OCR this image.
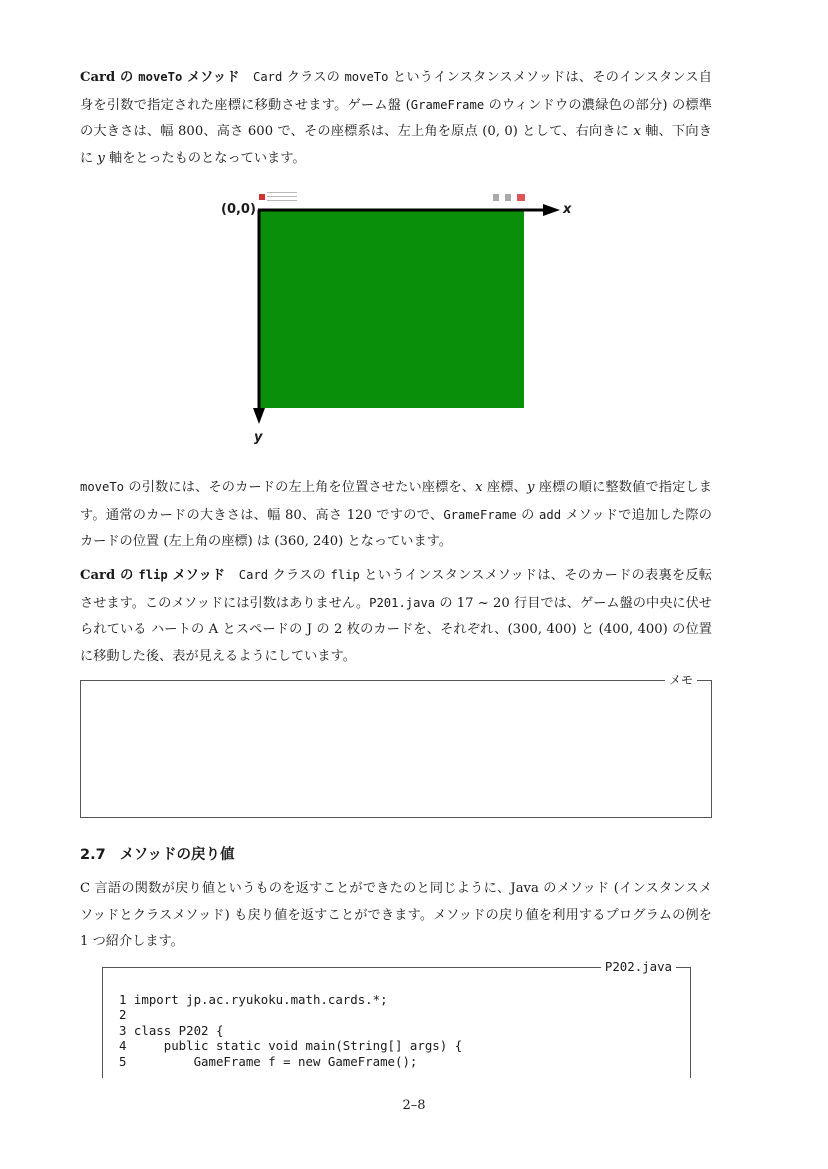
Card の moveTo メソッド Card クラスの moveTo というインスタンスメソッドは、そのインスタンス自身を引数で指定された座標に移動させます。ゲーム盤 (GrameFrame のウィンドウの濃緑色の部分) の標準の大きさは、幅 800、高さ 600 で、その座標系は、左上角を原点 (0, 0) として、右向きに x 軸、下向きに y 軸をとったものとなっています。
(0,0)	x
y
moveTo の引数には、そのカードの左上角を位置させたい座標を、x 座標、y 座標の順に整数値で指定します。通常のカードの大きさは、幅 80、高さ 120 ですので、GrameFrame の add メソッドで追加した際のカードの位置 (左上角の座標) は (360, 240) となっています。
Card の flip メソッド Card クラスの flip というインスタンスメソッドは、そのカードの表裏を反転させます。このメソッドには引数はありません。P201.java の 17 ~ 20 行目では、ゲーム盤の中央に伏せられている ハートの A とスペードの J の 2 枚のカードを、それぞれ、(300, 400) と (400, 400) の位置に移動した後、表が見えるようにしています。
メモ
2.7 メソッドの戻り値
C 言語の関数が戻り値というものを返すことができたのと同じように、Java のメソッド (インスタンスメソッドとクラスメソッド) も戻り値を返すことができます。メソッドの戻り値を利用するプログラムの例を 1 つ紹介します。
P202.java

1 import jp.ac.ryukoku.math.cards.*;
2
3 class P202 {
4     public static void main(String[] args) {
5         GameFrame f = new GameFrame();

2–8
